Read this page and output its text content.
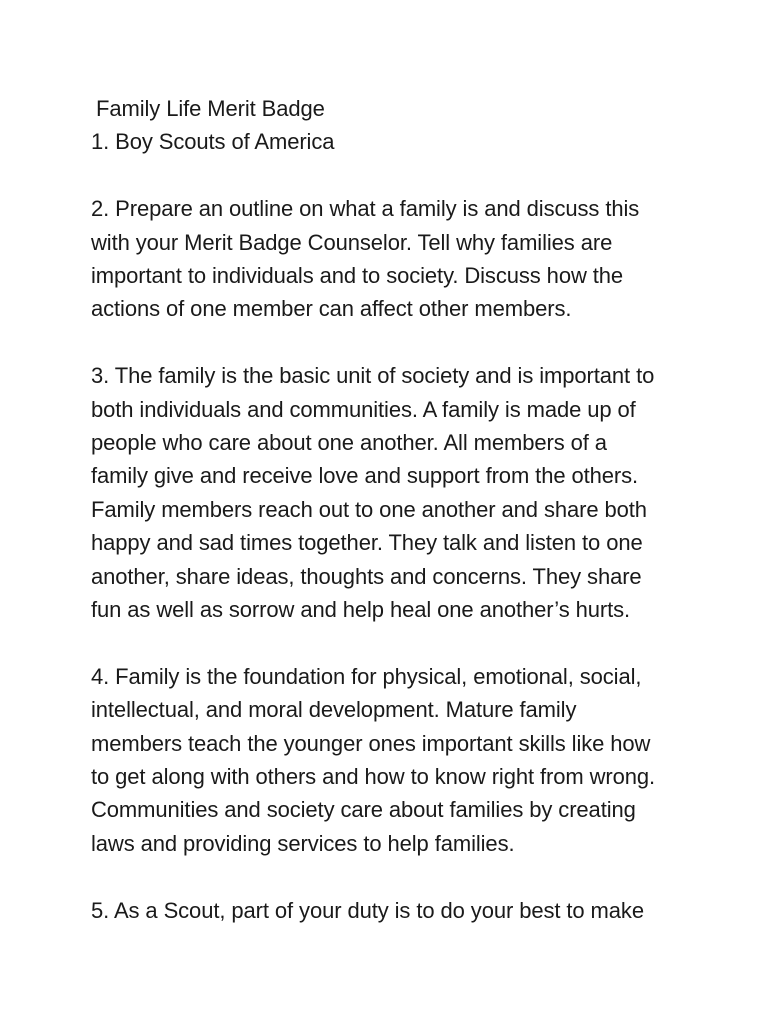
Family Life Merit Badge
1. Boy Scouts of America
2. Prepare an outline on what a family is and discuss this
with your Merit Badge Counselor. Tell why families are
important to individuals and to society. Discuss how the
actions of one member can affect other members.
3. The family is the basic unit of society and is important to
both individuals and communities. A family is made up of
people who care about one another. All members of a
family give and receive love and support from the others.
Family members reach out to one another and share both
happy and sad times together. They talk and listen to one
another, share ideas, thoughts and concerns. They share
fun as well as sorrow and help heal one another’s hurts.
4. Family is the foundation for physical, emotional, social,
intellectual, and moral development. Mature family
members teach the younger ones important skills like how
to get along with others and how to know right from wrong.
Communities and society care about families by creating
laws and providing services to help families.
5. As a Scout, part of your duty is to do your best to make
